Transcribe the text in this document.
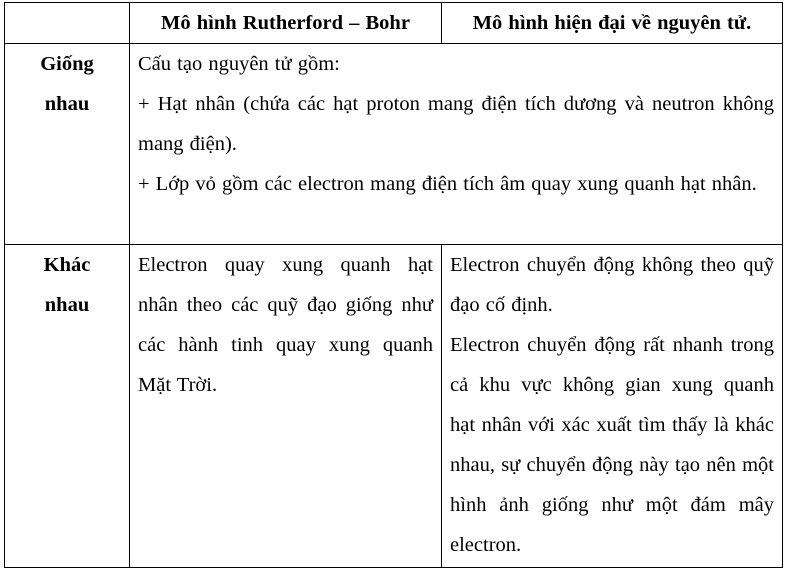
	Mô hình Rutherford – Bohr	Mô hình hiện đại về nguyên tử.

Giống
nhau	Cấu tạo nguyên tử gồm:
+ Hạt nhân (chứa các hạt proton mang điện tích dương và neutron không mang điện).
+ Lớp vỏ gồm các electron mang điện tích âm quay xung quanh hạt nhân.	

Khác
nhau	Electron quay xung quanh hạt nhân theo các quỹ đạo giống như các hành tinh quay xung quanh Mặt Trời.	Electron chuyển động không theo quỹ đạo cố định.
Electron chuyển động rất nhanh trong cả khu vực không gian xung quanh hạt nhân với xác xuất tìm thấy là khác nhau, sự chuyển động này tạo nên một hình ảnh giống như một đám mây electron.
